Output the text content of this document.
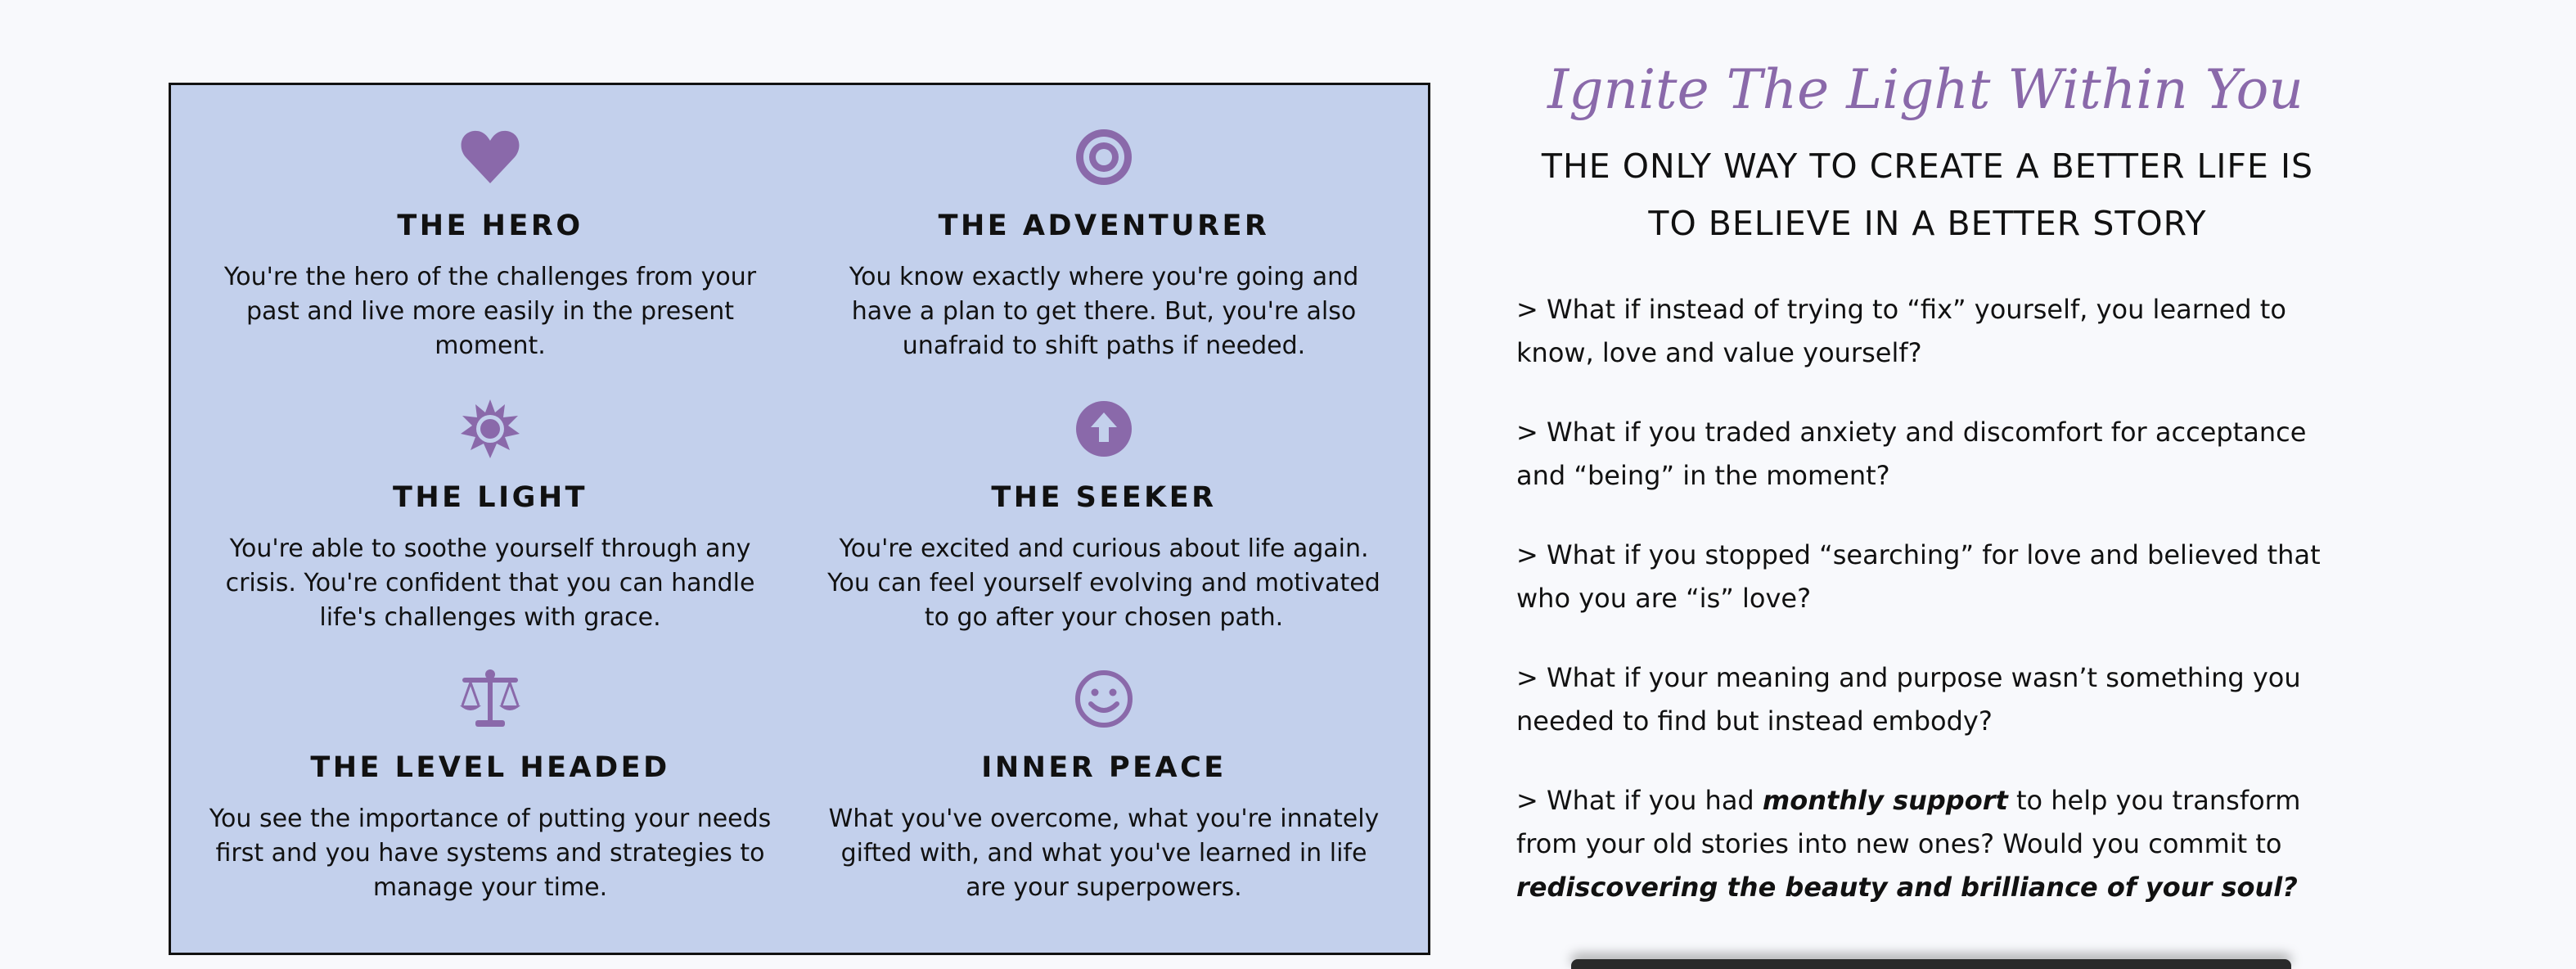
THE HERO
You're the hero of the challenges from your past and live more easily in the present moment.
THE ADVENTURER
You know exactly where you're going and have a plan to get there. But, you're also unafraid to shift paths if needed.
THE LIGHT
You're able to soothe yourself through any crisis. You're confident that you can handle life's challenges with grace.
THE SEEKER
You're excited and curious about life again. You can feel yourself evolving and motivated to go after your chosen path.
THE LEVEL HEADED
You see the importance of putting your needs first and you have systems and strategies to manage your time.
INNER PEACE
What you've overcome, what you're innately gifted with, and what you've learned in life are your superpowers.
Ignite The Light Within You
THE ONLY WAY TO CREATE A BETTER LIFE IS TO BELIEVE IN A BETTER STORY
> What if instead of trying to “fix” yourself, you learned to know, love and value yourself?
> What if you traded anxiety and discomfort for acceptance and “being” in the moment?
> What if you stopped “searching” for love and believed that who you are “is” love?
> What if your meaning and purpose wasn’t something you needed to find but instead embody?
> What if you had monthly support to help you transform from your old stories into new ones? Would you commit to rediscovering the beauty and brilliance of your soul?
